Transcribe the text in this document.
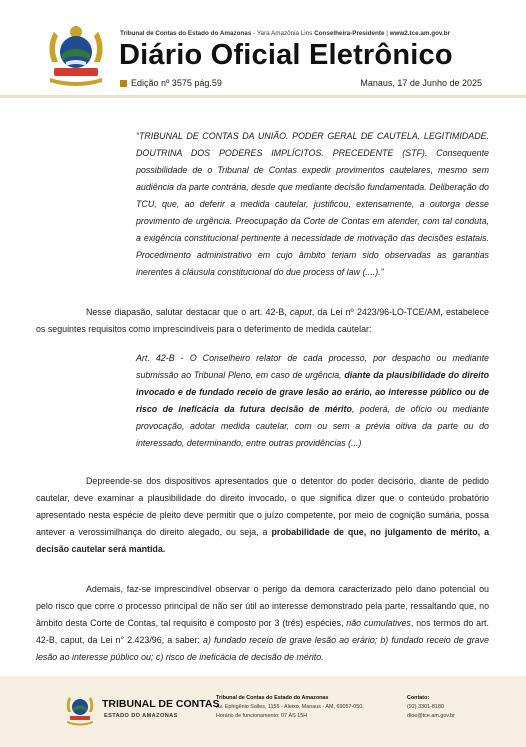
Tribunal de Contas do Estado do Amazonas - Yara Amazônia Lins Conselheira-Presidente | www2.tce.am.gov.br
Diário Oficial Eletrônico
Edição nº 3575 pág.59	Manaus, 17 de Junho de 2025
“TRIBUNAL DE CONTAS DA UNIÃO. PODER GERAL DE CAUTELA. LEGITIMIDADE. DOUTRINA DOS PODERES IMPLÍCITOS. PRECEDENTE (STF). Consequente possibilidade de o Tribunal de Contas expedir provimentos cautelares, mesmo sem audiência da parte contrária, desde que mediante decisão fundamentada. Deliberação do TCU, que, ao deferir a medida cautelar, justificou, extensamente, a outorga desse provimento de urgência. Preocupação da Corte de Contas em atender, com tal conduta, a exigência constitucional pertinente à necessidade de motivação das decisões estatais. Procedimento administrativo em cujo âmbito teriam sido observadas as garantias inerentes à cláusula constitucional do due process of law (....).”
Nesse diapasão, salutar destacar que o art. 42-B, caput, da Lei nº 2423/96-LO-TCE/AM, estabelece os seguintes requisitos como imprescindíveis para o deferimento de medida cautelar:
Art. 42-B - O Conselheiro relator de cada processo, por despacho ou mediante submissão ao Tribunal Pleno, em caso de urgência, diante da plausibilidade do direito invocado e de fundado receio de grave lesão ao erário, ao interesse público ou de risco de ineficácia da futura decisão de mérito, poderá, de ofício ou mediante provocação, adotar medida cautelar, com ou sem a prévia oitiva da parte ou do interessado, determinando, entre outras providências (...)
Depreende-se dos dispositivos apresentados que o detentor do poder decisório, diante de pedido cautelar, deve examinar a plausibilidade do direito invocado, o que significa dizer que o conteúdo probatório apresentado nesta espécie de pleito deve permitir que o juízo competente, por meio de cognição sumária, possa antever a verossimilhança do direito alegado, ou seja, a probabilidade de que, no julgamento de mérito, a decisão cautelar será mantida.
Ademais, faz-se imprescindível observar o perigo da demora caracterizado pelo dano potencial ou pelo risco que corre o processo principal de não ser útil ao interesse demonstrado pela parte, ressaltando que, no âmbito desta Corte de Contas, tal requisito é composto por 3 (três) espécies, não cumulatives, nos termos do art. 42-B, caput, da Lei n° 2.423/96, a saber: a) fundado receio de grave lesão ao erário; b) fundado receio de grave lesão ao interesse público ou; c) risco de ineficácia de decisão de mérito.
TRIBUNAL DE CONTAS
ESTADO DO AMAZONAS
Tribunal de Contas do Estado do Amazonas
Av. Ephigênio Salles, 1155 - Aleixo, Manaus - AM, 69057-050.
Horário de funcionamento: 07 ÀS 15H
Contato:
(92) 3301-8180
dioe@tce.am.gov.br
